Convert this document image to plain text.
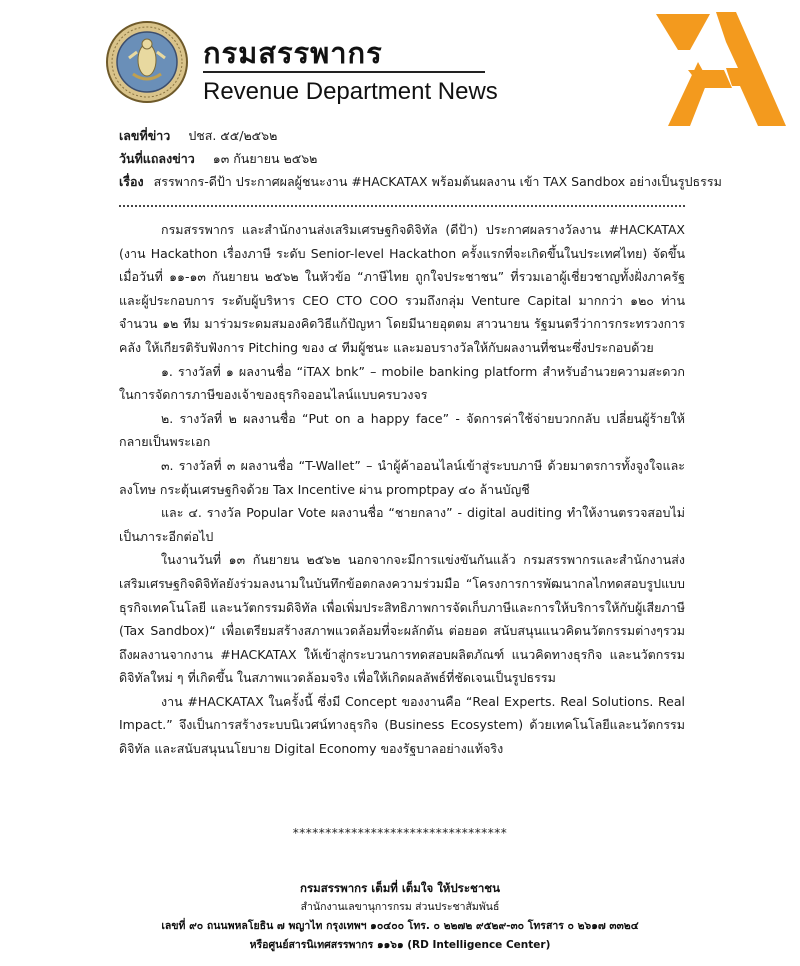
กรมสรรพากร
Revenue Department News
เลขที่ข่าว ปชส. ๕๕/๒๕๖๒
วันที่แถลงข่าว ๑๓ กันยายน ๒๕๖๒
เรื่อง สรรพากร-ดีป้า ประกาศผลผู้ชนะงาน #HACKATAX พร้อมต้นผลงาน เข้า TAX Sandbox อย่างเป็นรูปธรรม

กรมสรรพากร และสำนักงานส่งเสริมเศรษฐกิจดิจิทัล (ดีป้า) ประกาศผลรางวัลงาน #HACKATAX (งาน Hackathon เรื่องภาษี ระดับ Senior-level Hackathon ครั้งแรกที่จะเกิดขึ้นในประเทศไทย) จัดขึ้นเมื่อวันที่ ๑๑-๑๓ กันยายน ๒๕๖๒ ในหัวข้อ “ภาษีไทย ถูกใจประชาชน” ที่รวมเอาผู้เชี่ยวชาญทั้งฝั่งภาครัฐและผู้ประกอบการ ระดับผู้บริหาร CEO CTO COO รวมถึงกลุ่ม Venture Capital มากกว่า ๑๒๐ ท่าน จำนวน ๑๒ ทีม มาร่วมระดมสมองคิดวิธีแก้ปัญหา โดยมีนายอุตตม สาวนายน รัฐมนตรีว่าการกระทรวงการคลัง ให้เกียรติรับฟังการ Pitching ของ ๔ ทีมผู้ชนะ และมอบรางวัลให้กับผลงานที่ชนะซึ่งประกอบด้วย

๑. รางวัลที่ ๑ ผลงานชื่อ “iTAX bnk” – mobile banking platform สำหรับอำนวยความสะดวกในการจัดการภาษีของเจ้าของธุรกิจออนไลน์แบบครบวงจร

๒. รางวัลที่ ๒ ผลงานชื่อ “Put on a happy face” - จัดการค่าใช้จ่ายบวกกลับ เปลี่ยนผู้ร้ายให้กลายเป็นพระเอก

๓. รางวัลที่ ๓ ผลงานชื่อ “T-Wallet” – นำผู้ค้าออนไลน์เข้าสู่ระบบภาษี ด้วยมาตรการทั้งจูงใจและลงโทษ กระตุ้นเศรษฐกิจด้วย Tax Incentive ผ่าน promptpay ๔๐ ล้านบัญชี

และ ๔. รางวัล Popular Vote ผลงานชื่อ “ชายกลาง” - digital auditing ทำให้งานตรวจสอบไม่เป็นภาระอีกต่อไป

ในงานวันที่ ๑๓ กันยายน ๒๕๖๒ นอกจากจะมีการแข่งขันกันแล้ว กรมสรรพากรและสำนักงานส่งเสริมเศรษฐกิจดิจิทัลยังร่วมลงนามในบันทึกข้อตกลงความร่วมมือ “โครงการการพัฒนากลไกทดสอบรูปแบบธุรกิจเทคโนโลยี และนวัตกรรมดิจิทัล เพื่อเพิ่มประสิทธิภาพการจัดเก็บภาษีและการให้บริการให้กับผู้เสียภาษี (Tax Sandbox)“ เพื่อเตรียมสร้างสภาพแวดล้อมที่จะผลักดัน ต่อยอด สนับสนุนแนวคิดนวัตกรรมต่างๆรวมถึงผลงานจากงาน #HACKATAX ให้เข้าสู่กระบวนการทดสอบผลิตภัณฑ์ แนวคิดทางธุรกิจ และนวัตกรรมดิจิทัลใหม่ ๆ ที่เกิดขึ้น ในสภาพแวดล้อมจริง เพื่อให้เกิดผลลัพธ์ที่ชัดเจนเป็นรูปธรรม

งาน #HACKATAX ในครั้งนี้ ซึ่งมี Concept ของงานคือ “Real Experts. Real Solutions. Real Impact.” จึงเป็นการสร้างระบบนิเวศน์ทางธุรกิจ (Business Ecosystem) ด้วยเทคโนโลยีและนวัตกรรมดิจิทัล และสนับสนุนนโยบาย Digital Economy ของรัฐบาลอย่างแท้จริง

*********************************
กรมสรรพากร เต็มที่ เต็มใจ ให้ประชาชน
สำนักงานเลขานุการกรม ส่วนประชาสัมพันธ์
เลขที่ ๙๐ ถนนพหลโยธิน ๗ พญาไท กรุงเทพฯ ๑๐๔๐๐ โทร. ๐ ๒๒๗๒ ๙๕๒๙-๓๐ โทรสาร ๐ ๒๖๑๗ ๓๓๒๔
หรือศูนย์สารนิเทศสรรพากร ๑๑๖๑ (RD Intelligence Center)
